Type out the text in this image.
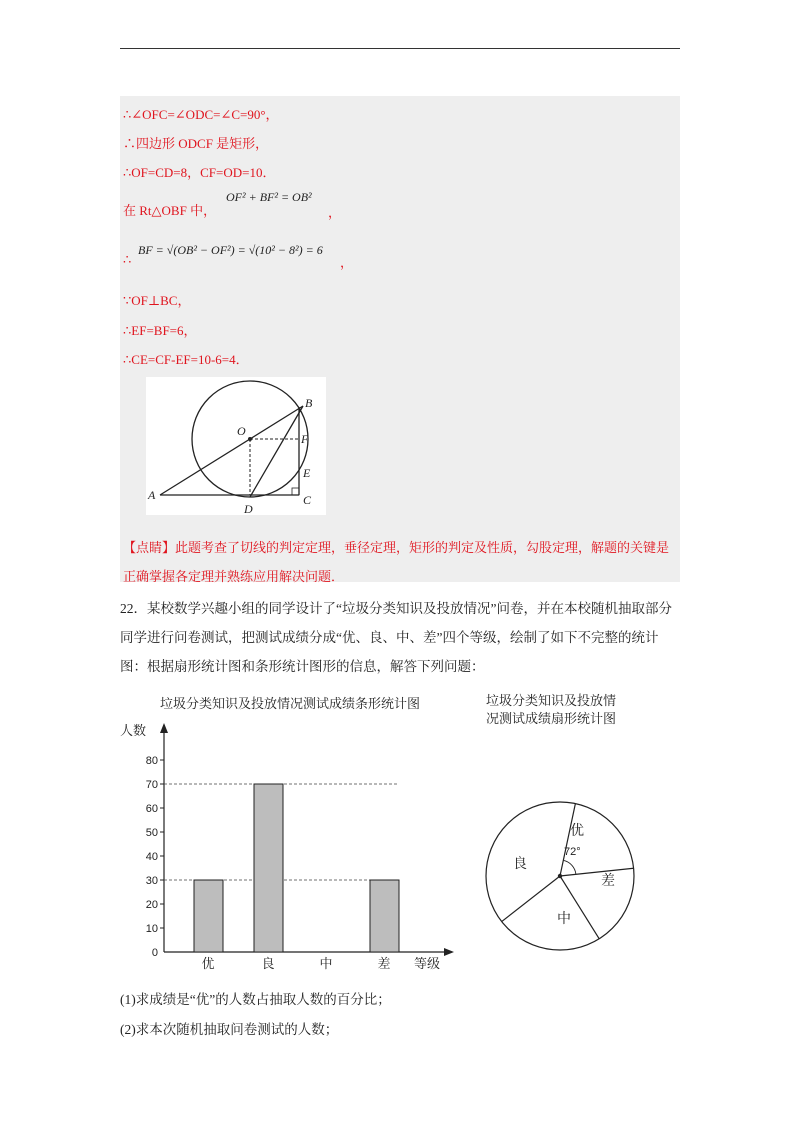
∴∠OFC=∠ODC=∠C=90°，
∴四边形 ODCF 是矩形，
∴OF=CD=8，CF=OD=10．
在 Rt△OBF 中，
OF² + BF² = OB²
，
∴
BF = √(OB² − OF²) = √(10² − 8²) = 6
，
∵OF⊥BC，
∴EF=BF=6，
∴CE=CF-EF=10-6=4．
A
B
C
D
E
F
O
【点睛】此题考查了切线的判定定理，垂径定理，矩形的判定及性质，勾股定理，解题的关键是正确掌握各定理并熟练应用解决问题．
22．某校数学兴趣小组的同学设计了“垃圾分类知识及投放情况”问卷，并在本校随机抽取部分同学进行问卷测试，把测试成绩分成“优、良、中、差”四个等级，绘制了如下不完整的统计图：根据扇形统计图和条形统计图形的信息，解答下列问题：
垃圾分类知识及投放情况测试成绩条形统计图
人数
0
10
20
30
40
50
60
70
80
优	良	中	差 等级
垃圾分类知识及投放情
况测试成绩扇形统计图
优
良
中
差
72°
(1)求成绩是“优”的人数占抽取人数的百分比；
(2)求本次随机抽取问卷测试的人数；
